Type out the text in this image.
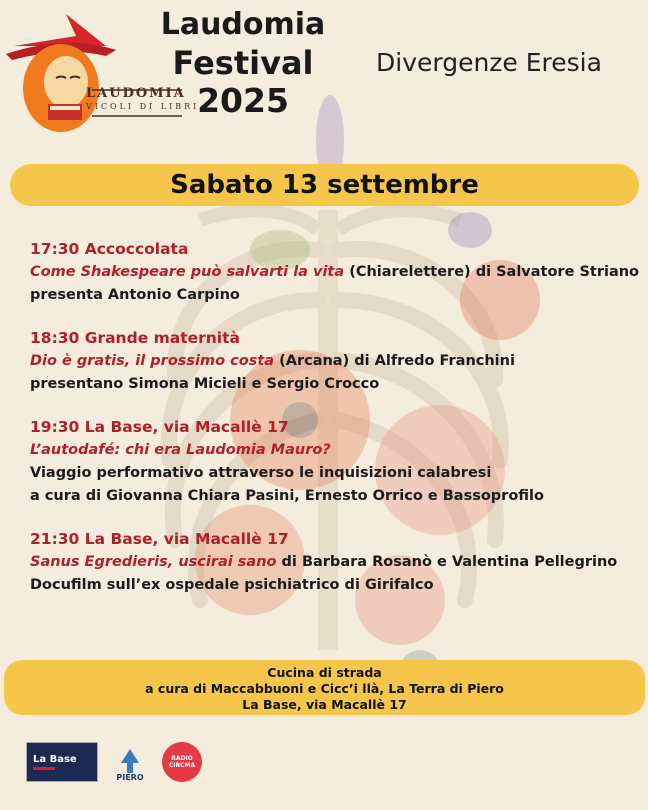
LAUDOMIA
VICOLI DI LIBRI
Laudomia
Festival
2025
Divergenze Eresia
Sabato 13 settembre
17:30 Accoccolata
Come Shakespeare può salvarti la vita (Chiarelettere) di Salvatore Striano
presenta Antonio Carpino
18:30 Grande maternità
Dio è gratis, il prossimo costa (Arcana) di Alfredo Franchini
presentano Simona Micieli e Sergio Crocco
19:30 La Base, via Macallè 17
L’autodafé: chi era Laudomia Mauro?
Viaggio performativo attraverso le inquisizioni calabresi
a cura di Giovanna Chiara Pasini, Ernesto Orrico e Bassoprofilo
21:30 La Base, via Macallè 17
Sanus Egredieris, uscirai sano di Barbara Rosanò e Valentina Pellegrino
Docufilm sull’ex ospedale psichiatrico di Girifalco
Cucina di strada
a cura di Maccabbuoni e Cicc’i llà, La Terra di Piero
La Base, via Macallè 17
La Base
PIERO
RADIO
CIRCMA
